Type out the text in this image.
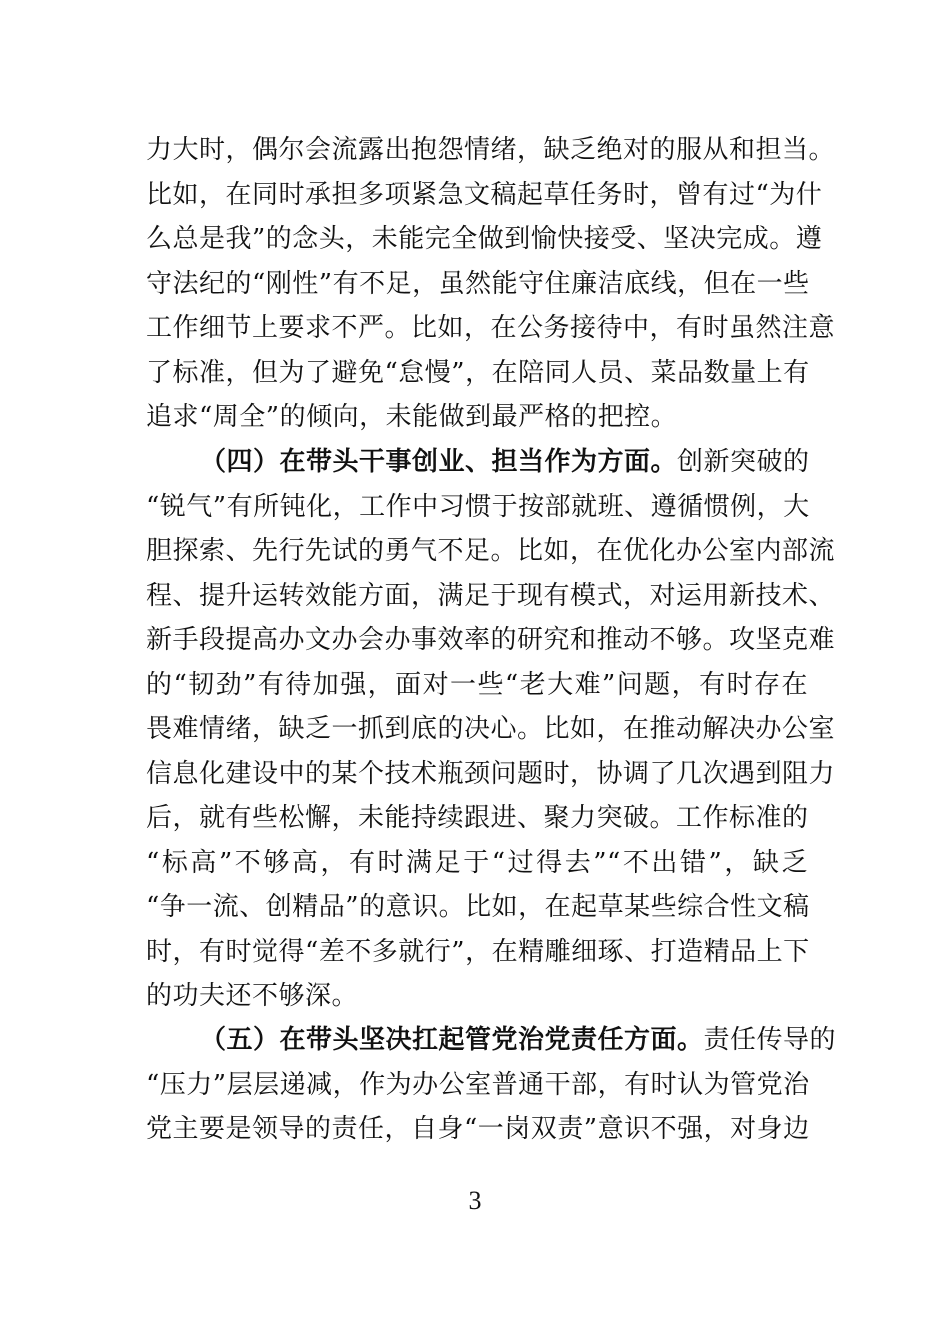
力大时，偶尔会流露出抱怨情绪，缺乏绝对的服从和担当。
比如，在同时承担多项紧急文稿起草任务时，曾有过“为什
么总是我”的念头，未能完全做到愉快接受、坚决完成。遵
守法纪的“刚性”有不足，虽然能守住廉洁底线，但在一些
工作细节上要求不严。比如，在公务接待中，有时虽然注意
了标准，但为了避免“怠慢”，在陪同人员、菜品数量上有
追求“周全”的倾向，未能做到最严格的把控。
（四）在带头干事创业、担当作为方面。创新突破的
“锐气”有所钝化，工作中习惯于按部就班、遵循惯例，大
胆探索、先行先试的勇气不足。比如，在优化办公室内部流
程、提升运转效能方面，满足于现有模式，对运用新技术、
新手段提高办文办会办事效率的研究和推动不够。攻坚克难
的“韧劲”有待加强，面对一些“老大难”问题，有时存在
畏难情绪，缺乏一抓到底的决心。比如，在推动解决办公室
信息化建设中的某个技术瓶颈问题时，协调了几次遇到阻力
后，就有些松懈，未能持续跟进、聚力突破。工作标准的
“标高”不够高，有时满足于“过得去”“不出错”，缺乏
“争一流、创精品”的意识。比如，在起草某些综合性文稿
时，有时觉得“差不多就行”，在精雕细琢、打造精品上下
的功夫还不够深。
（五）在带头坚决扛起管党治党责任方面。责任传导的
“压力”层层递减，作为办公室普通干部，有时认为管党治
党主要是领导的责任，自身“一岗双责”意识不强，对身边
3
